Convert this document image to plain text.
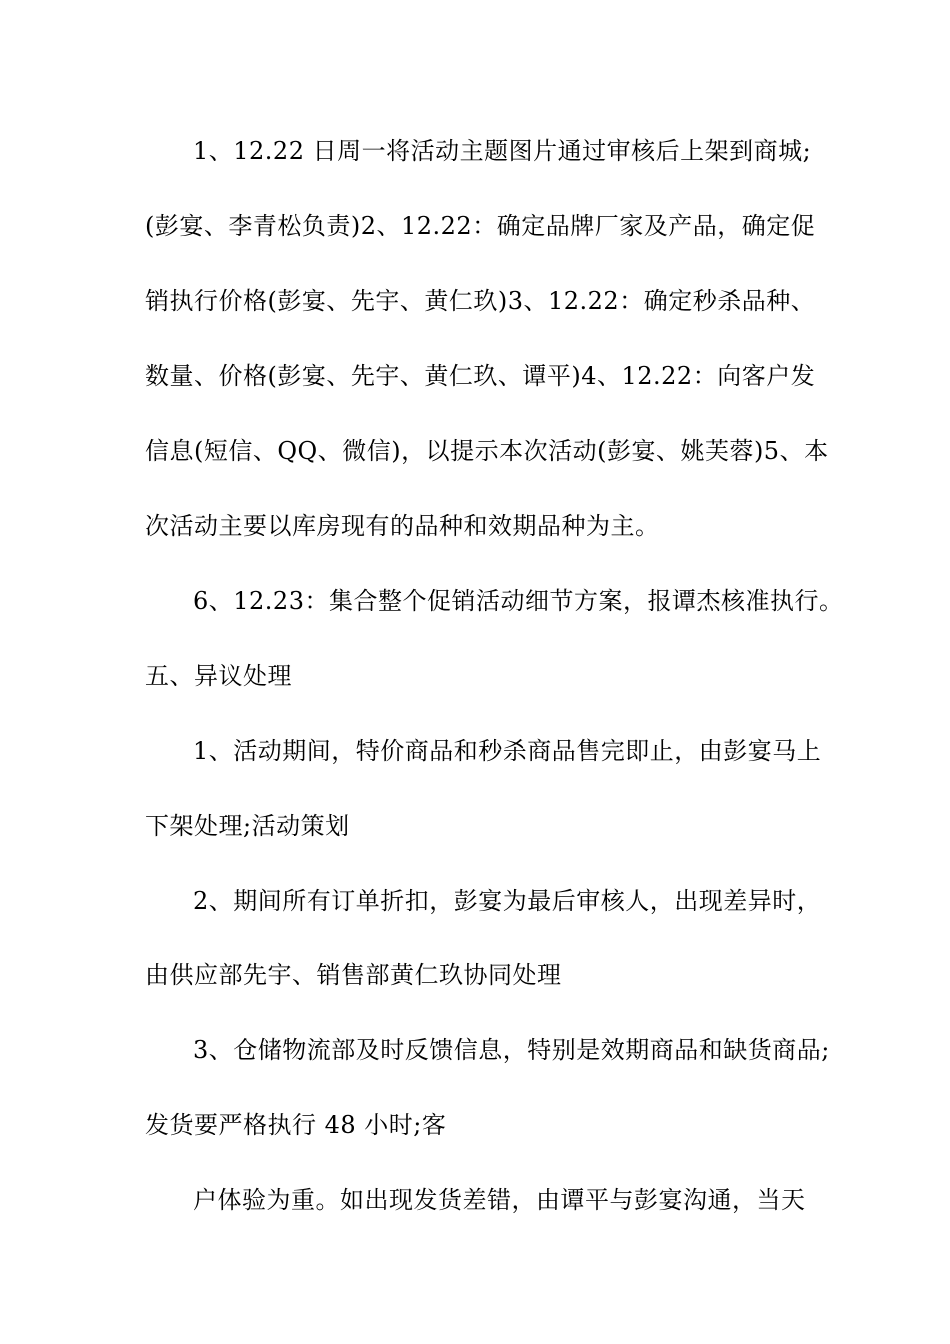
1、12.22 日周一将活动主题图片通过审核后上架到商城;
(彭宴、李青松负责)2、12.22：确定品牌厂家及产品，确定促
销执行价格(彭宴、先宇、黄仁玖)3、12.22：确定秒杀品种、
数量、价格(彭宴、先宇、黄仁玖、谭平)4、12.22：向客户发
信息(短信、QQ、微信)，以提示本次活动(彭宴、姚芙蓉)5、本
次活动主要以库房现有的品种和效期品种为主。
6、12.23：集合整个促销活动细节方案，报谭杰核准执行。
五、异议处理
1、活动期间，特价商品和秒杀商品售完即止，由彭宴马上
下架处理;活动策划
2、期间所有订单折扣，彭宴为最后审核人，出现差异时，
由供应部先宇、销售部黄仁玖协同处理
3、仓储物流部及时反馈信息，特别是效期商品和缺货商品;
发货要严格执行 48 小时;客
户体验为重。如出现发货差错，由谭平与彭宴沟通，当天
